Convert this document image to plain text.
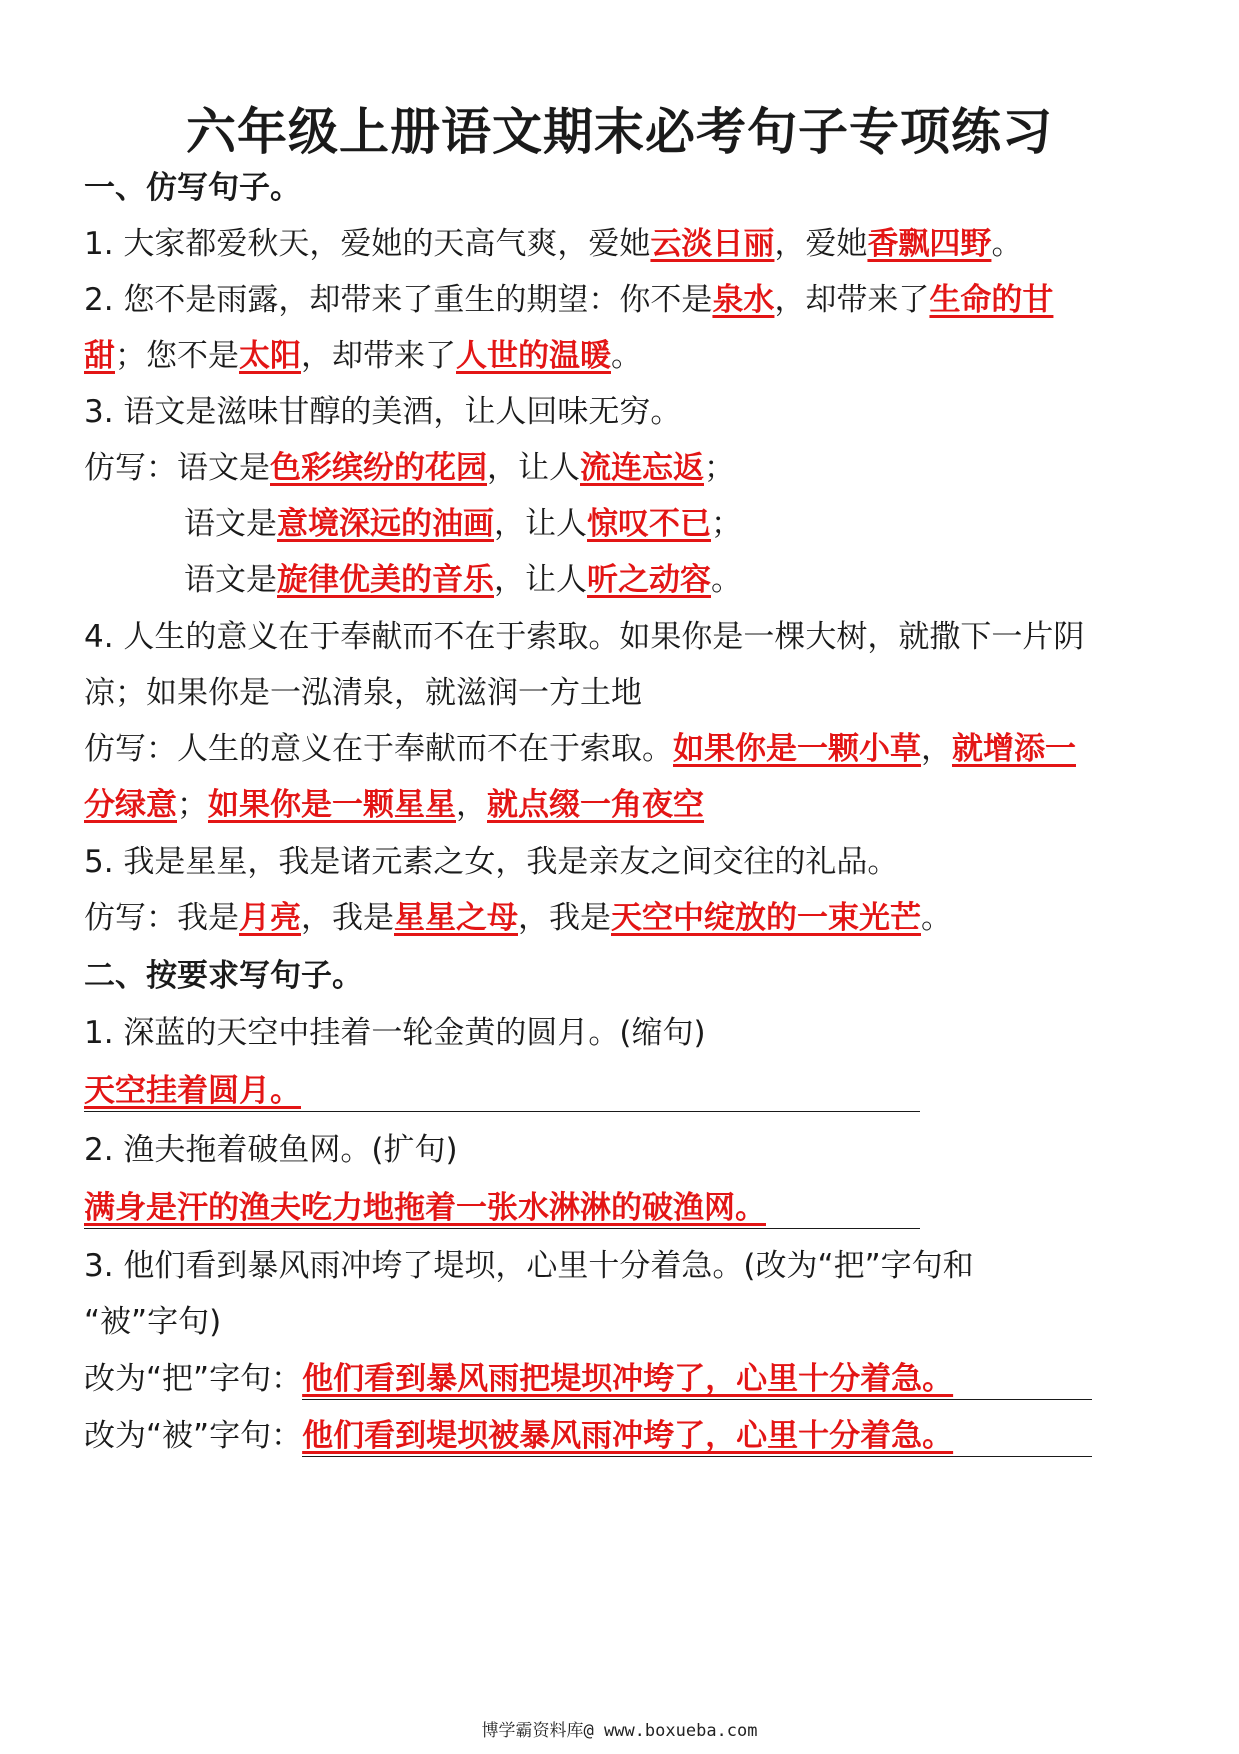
六年级上册语文期末必考句子专项练习
一、仿写句子。
1. 大家都爱秋天，爱她的天高气爽，爱她云淡日丽，爱她香飘四野。
2. 您不是雨露，却带来了重生的期望：你不是泉水，却带来了生命的甘
甜；您不是太阳，却带来了人世的温暖。
3. 语文是滋味甘醇的美酒，让人回味无穷。
仿写：语文是色彩缤纷的花园，让人流连忘返；
语文是意境深远的油画，让人惊叹不已；
语文是旋律优美的音乐，让人听之动容。
4. 人生的意义在于奉献而不在于索取。如果你是一棵大树，就撒下一片阴
凉；如果你是一泓清泉，就滋润一方土地
仿写：人生的意义在于奉献而不在于索取。如果你是一颗小草，就增添一
分绿意；如果你是一颗星星，就点缀一角夜空
5. 我是星星，我是诸元素之女，我是亲友之间交往的礼品。
仿写：我是月亮，我是星星之母，我是天空中绽放的一束光芒。
二、按要求写句子。
1. 深蓝的天空中挂着一轮金黄的圆月。(缩句)
天空挂着圆月。
2. 渔夫拖着破鱼网。(扩句)
满身是汗的渔夫吃力地拖着一张水淋淋的破渔网。
3. 他们看到暴风雨冲垮了堤坝，心里十分着急。(改为“把”字句和
“被”字句)
改为“把”字句：他们看到暴风雨把堤坝冲垮了，心里十分着急。
改为“被”字句：他们看到堤坝被暴风雨冲垮了，心里十分着急。
博学霸资料库@ www.boxueba.com
